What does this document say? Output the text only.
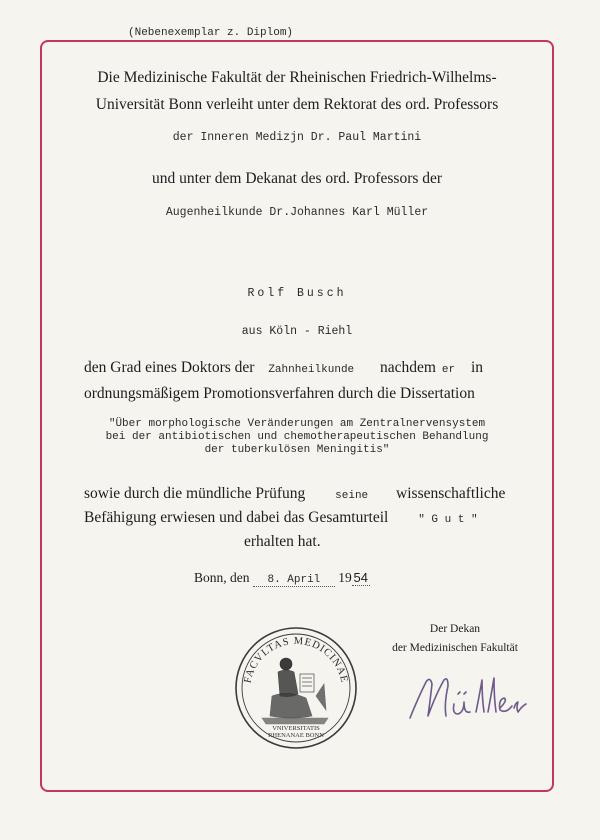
(Nebenexemplar z. Diplom)
Die Medizinische Fakultät der Rheinischen Friedrich-Wilhelms-
Universität Bonn verleiht unter dem Rektorat des ord. Professors
der Inneren Medizjn Dr. Paul Martini
und unter dem Dekanat des ord. Professors der
Augenheilkunde Dr.Johannes Karl Müller
Rolf Busch
aus Köln - Riehl
den Grad eines Doktors der Zahnheilkunde nachdem er in
ordnungsmäßigem Promotionsverfahren durch die Dissertation
"Über morphologische Veränderungen am Zentralnervensystem
bei der antibiotischen und chemotherapeutischen Behandlung
der tuberkulösen Meningitis"
sowie durch die mündliche Prüfung	seine wissenschaftliche
Befähigung erwiesen und dabei das Gesamturteil	" G u t "
erhalten hat.
Bonn, den 8. April 19 54
Der Dekan
der Medizinischen Fakultät
FACVLTAS MEDICINAE
VNIVERSITATIS
RHENANAE BONN
